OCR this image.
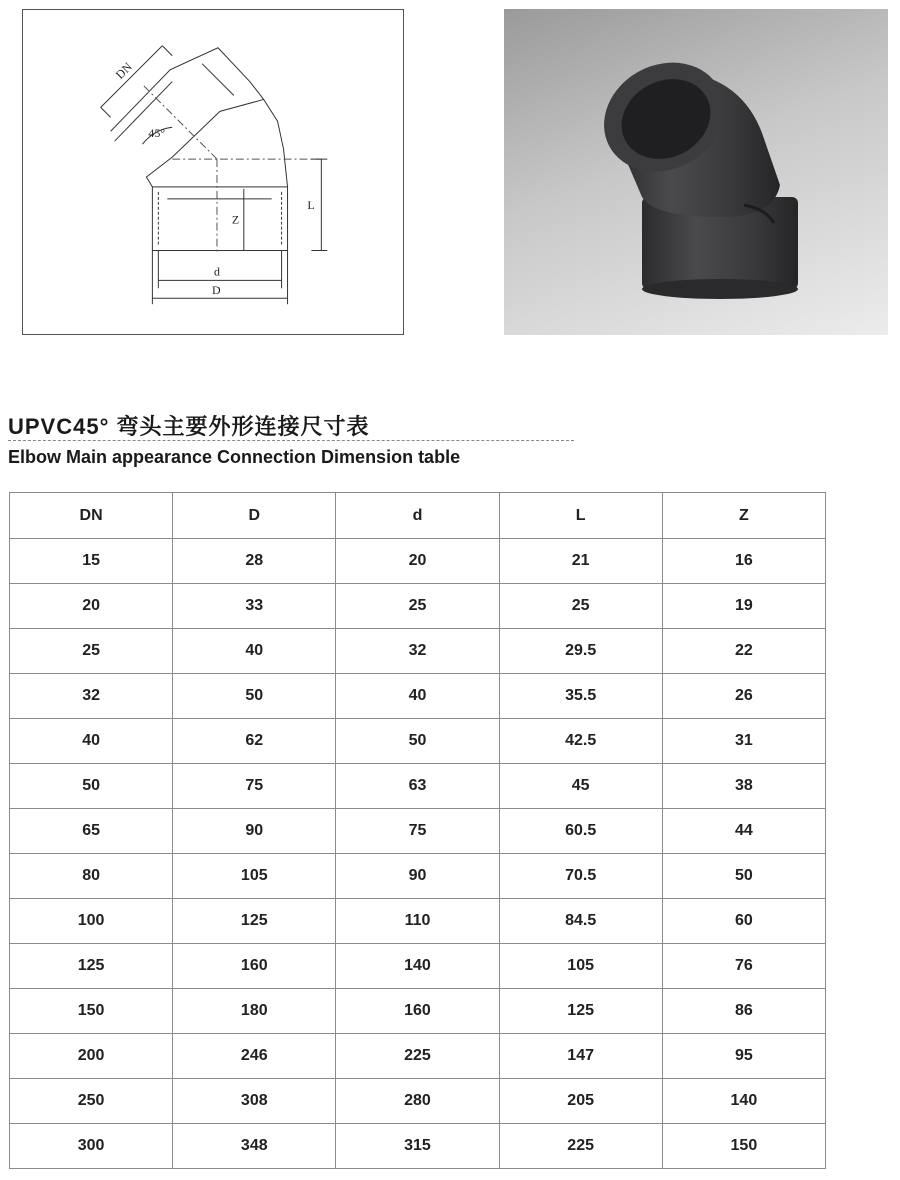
DN
45°
L
Z
d
D
UPVC45° 弯头主要外形连接尺寸表
Elbow Main appearance Connection Dimension table
DN	D	d	L	Z
15	28	20	21	16
20	33	25	25	19
25	40	32	29.5	22
32	50	40	35.5	26
40	62	50	42.5	31
50	75	63	45	38
65	90	75	60.5	44
80	105	90	70.5	50
100	125	110	84.5	60
125	160	140	105	76
150	180	160	125	86
200	246	225	147	95
250	308	280	205	140
300	348	315	225	150
